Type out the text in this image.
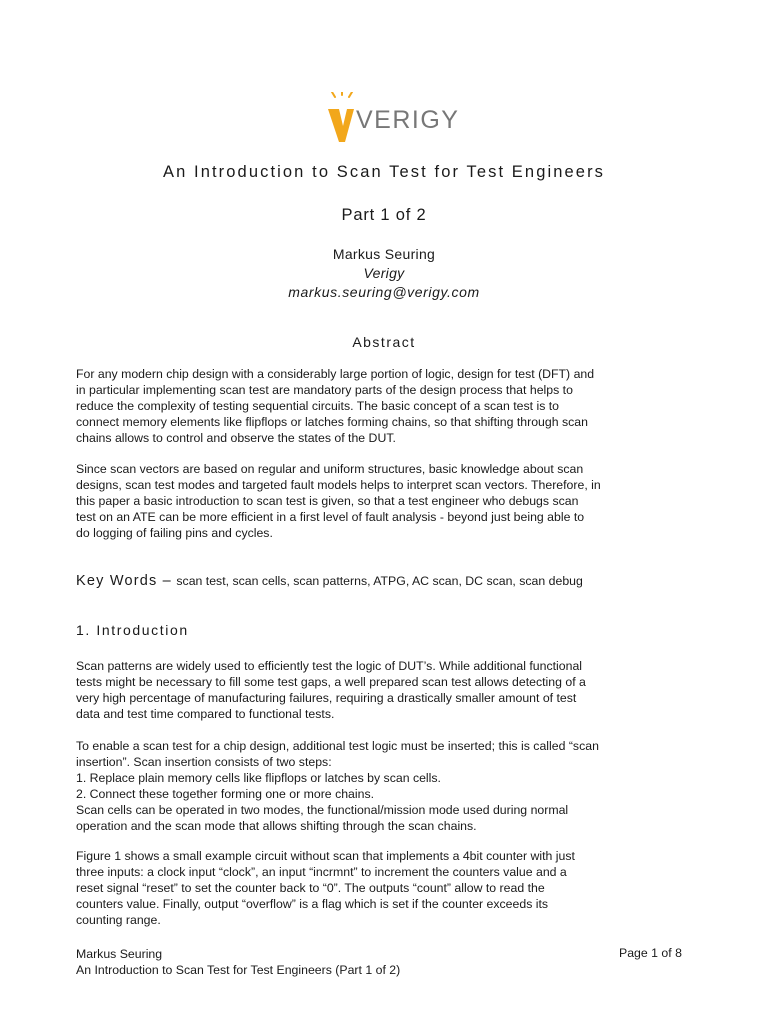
VERIGY
An Introduction to Scan Test for Test Engineers
Part 1 of 2
Markus Seuring
Verigy
markus.seuring@verigy.com
Abstract
For any modern chip design with a considerably large portion of logic, design for test (DFT) and
in particular implementing scan test are mandatory parts of the design process that helps to
reduce the complexity of testing sequential circuits. The basic concept of a scan test is to
connect memory elements like flipflops or latches forming chains, so that shifting through scan
chains allows to control and observe the states of the DUT.
Since scan vectors are based on regular and uniform structures, basic knowledge about scan
designs, scan test modes and targeted fault models helps to interpret scan vectors. Therefore, in
this paper a basic introduction to scan test is given, so that a test engineer who debugs scan
test on an ATE can be more efficient in a first level of fault analysis - beyond just being able to
do logging of failing pins and cycles.
Key Words – scan test, scan cells, scan patterns, ATPG, AC scan, DC scan, scan debug
1. Introduction
Scan patterns are widely used to efficiently test the logic of DUT’s. While additional functional
tests might be necessary to fill some test gaps, a well prepared scan test allows detecting of a
very high percentage of manufacturing failures, requiring a drastically smaller amount of test
data and test time compared to functional tests.
To enable a scan test for a chip design, additional test logic must be inserted; this is called “scan
insertion”. Scan insertion consists of two steps:
1. Replace plain memory cells like flipflops or latches by scan cells.
2. Connect these together forming one or more chains.
Scan cells can be operated in two modes, the functional/mission mode used during normal
operation and the scan mode that allows shifting through the scan chains.
Figure 1 shows a small example circuit without scan that implements a 4bit counter with just
three inputs: a clock input “clock”, an input “incrmnt” to increment the counters value and a
reset signal “reset” to set the counter back to “0”. The outputs “count” allow to read the
counters value. Finally, output “overflow” is a flag which is set if the counter exceeds its
counting range.
Markus Seuring
An Introduction to Scan Test for Test Engineers (Part 1 of 2)
Page 1 of 8
